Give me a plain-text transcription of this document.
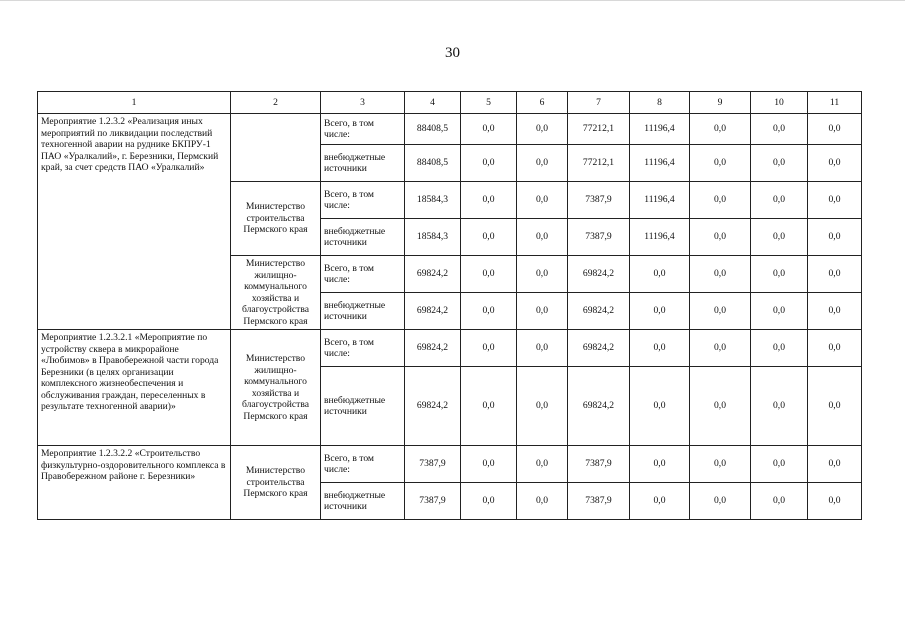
30
1	2	3	4	5	6	7	8	9	10	11
Мероприятие 1.2.3.2 «Реализация иных мероприятий по ликвидации последствий техногенной аварии на руднике БКПРУ-1 ПАО «Уралкалий», г. Березники, Пермский край, за счет средств ПАО «Уралкалий»		Всего, в том числе:	88408,5	0,0	0,0	77212,1	11196,4	0,0	0,0	0,0
		внебюджетные источники	88408,5	0,0	0,0	77212,1	11196,4	0,0	0,0	0,0
	Министерство строительства Пермского края	Всего, в том числе:	18584,3	0,0	0,0	7387,9	11196,4	0,0	0,0	0,0
		внебюджетные источники	18584,3	0,0	0,0	7387,9	11196,4	0,0	0,0	0,0
	Министерство жилищно-коммунального хозяйства и благоустройства Пермского края	Всего, в том числе:	69824,2	0,0	0,0	69824,2	0,0	0,0	0,0	0,0
		внебюджетные источники	69824,2	0,0	0,0	69824,2	0,0	0,0	0,0	0,0
Мероприятие 1.2.3.2.1 «Мероприятие по устройству сквера в микрорайоне «Любимов» в Правобережной части города Березники (в целях организации комплексного жизнеобеспечения и обслуживания граждан, переселенных в результате техногенной аварии)»	Министерство жилищно-коммунального хозяйства и благоустройства Пермского края	Всего, в том числе:	69824,2	0,0	0,0	69824,2	0,0	0,0	0,0	0,0
		внебюджетные источники	69824,2	0,0	0,0	69824,2	0,0	0,0	0,0	0,0
Мероприятие 1.2.3.2.2 «Строительство физкультурно-оздоровительного комплекса в Правобережном районе г. Березники»	Министерство строительства Пермского края	Всего, в том числе:	7387,9	0,0	0,0	7387,9	0,0	0,0	0,0	0,0
		внебюджетные источники	7387,9	0,0	0,0	7387,9	0,0	0,0	0,0	0,0
